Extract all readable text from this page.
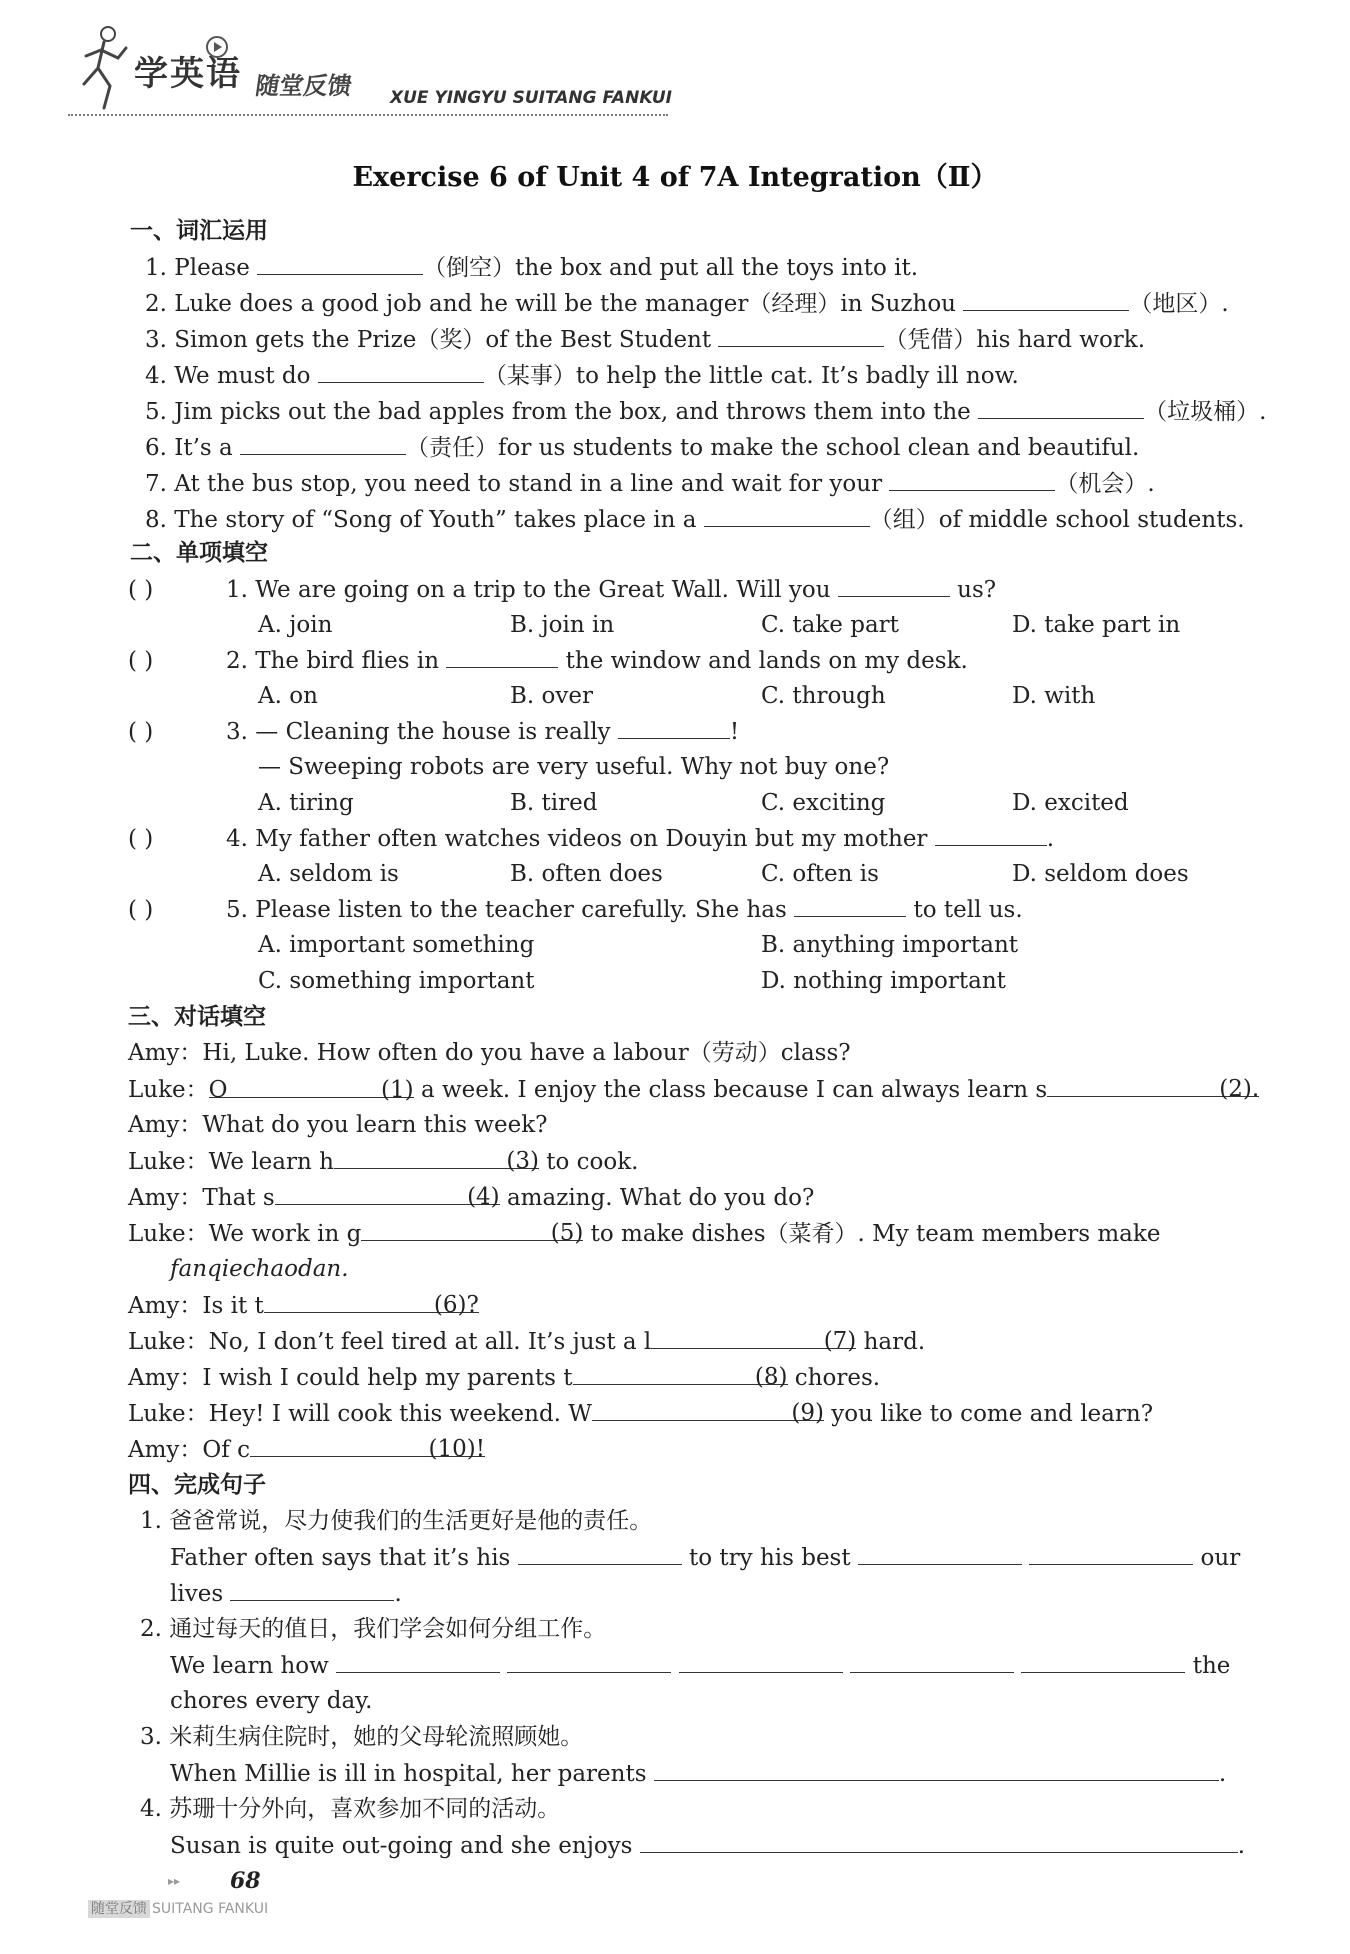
学英语 随堂反馈 XUE YINGYU SUITANG FANKUI
Exercise 6 of Unit 4 of 7A Integration（Ⅱ）
一、词汇运用
1. Please	（倒空）the box and put all the toys into it.
2. Luke does a good job and he will be the manager（经理）in Suzhou	（地区）.
3. Simon gets the Prize（奖）of the Best Student	（凭借）his hard work.
4. We must do	（某事）to help the little cat. It’s badly ill now.
5. Jim picks out the bad apples from the box, and throws them into the	（垃圾桶）.
6. It’s a	（责任）for us students to make the school clean and beautiful.
7. At the bus stop, you need to stand in a line and wait for your	（机会）.
8. The story of “Song of Youth” takes place in a	（组）of middle school students.
二、单项填空
( )	1. We are going on a trip to the Great Wall. Will you	us?
A. join	B. join in	C. take part	D. take part in
( )	2. The bird flies in	the window and lands on my desk.
A. on	B. over	C. through	D. with
( )	3. — Cleaning the house is really	!
— Sweeping robots are very useful. Why not buy one?
A. tiring	B. tired	C. exciting	D. excited
( )	4. My father often watches videos on Douyin but my mother	.
A. seldom is	B. often does	C. often is	D. seldom does
( )	5. Please listen to the teacher carefully. She has	to tell us.
A. important something	B. anything important
C. something important	D. nothing important
三、对话填空
Amy：Hi, Luke. How often do you have a labour（劳动）class?
Luke：O	(1) a week. I enjoy the class because I can always learn s	(2).
Amy：What do you learn this week?
Luke：We learn h	(3) to cook.
Amy：That s	(4) amazing. What do you do?
Luke：We work in g	(5) to make dishes（菜肴）. My team members make
fanqiechaodan.
Amy：Is it t	(6)?
Luke：No, I don’t feel tired at all. It’s just a l	(7) hard.
Amy：I wish I could help my parents t	(8) chores.
Luke：Hey! I will cook this weekend. W	(9) you like to come and learn?
Amy：Of c	(10)!
四、完成句子
1. 爸爸常说，尽力使我们的生活更好是他的责任。
Father often says that it’s his	to try his best	our
lives	.
2. 通过每天的值日，我们学会如何分组工作。
We learn how	the
chores every day.
3. 米莉生病住院时，她的父母轮流照顾她。
When Millie is ill in hospital, her parents	.
4. 苏珊十分外向，喜欢参加不同的活动。
Susan is quite out-going and she enjoys	.
▸▸ 68
随堂反馈 SUITANG FANKUI
